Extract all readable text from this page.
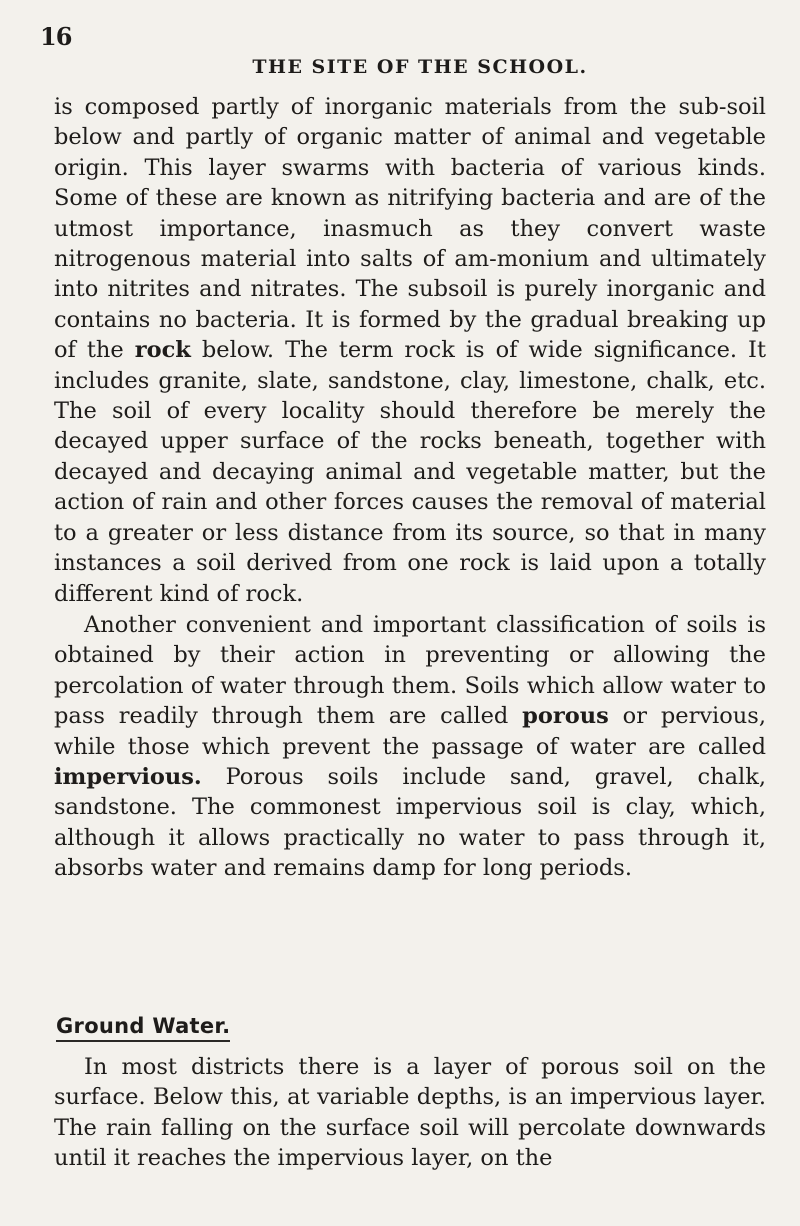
16
THE SITE OF THE SCHOOL.

is composed partly of inorganic materials from the sub-soil below and partly of organic matter of animal and vegetable origin. This layer swarms with bacteria of various kinds. Some of these are known as nitrifying bacteria and are of the utmost importance, inasmuch as they convert waste nitrogenous material into salts of am-monium and ultimately into nitrites and nitrates. The subsoil is purely inorganic and contains no bacteria. It is formed by the gradual breaking up of the rock below. The term rock is of wide significance. It includes granite, slate, sandstone, clay, limestone, chalk, etc. The soil of every locality should therefore be merely the decayed upper surface of the rocks beneath, together with decayed and decaying animal and vegetable matter, but the action of rain and other forces causes the removal of material to a greater or less distance from its source, so that in many instances a soil derived from one rock is laid upon a totally different kind of rock.

Another convenient and important classification of soils is obtained by their action in preventing or allowing the percolation of water through them. Soils which allow water to pass readily through them are called porous or pervious, while those which prevent the passage of water are called impervious. Porous soils include sand, gravel, chalk, sandstone. The commonest impervious soil is clay, which, although it allows practically no water to pass through it, absorbs water and remains damp for long periods.

Ground Water.

In most districts there is a layer of porous soil on the surface. Below this, at variable depths, is an impervious layer. The rain falling on the surface soil will percolate downwards until it reaches the impervious layer, on the
